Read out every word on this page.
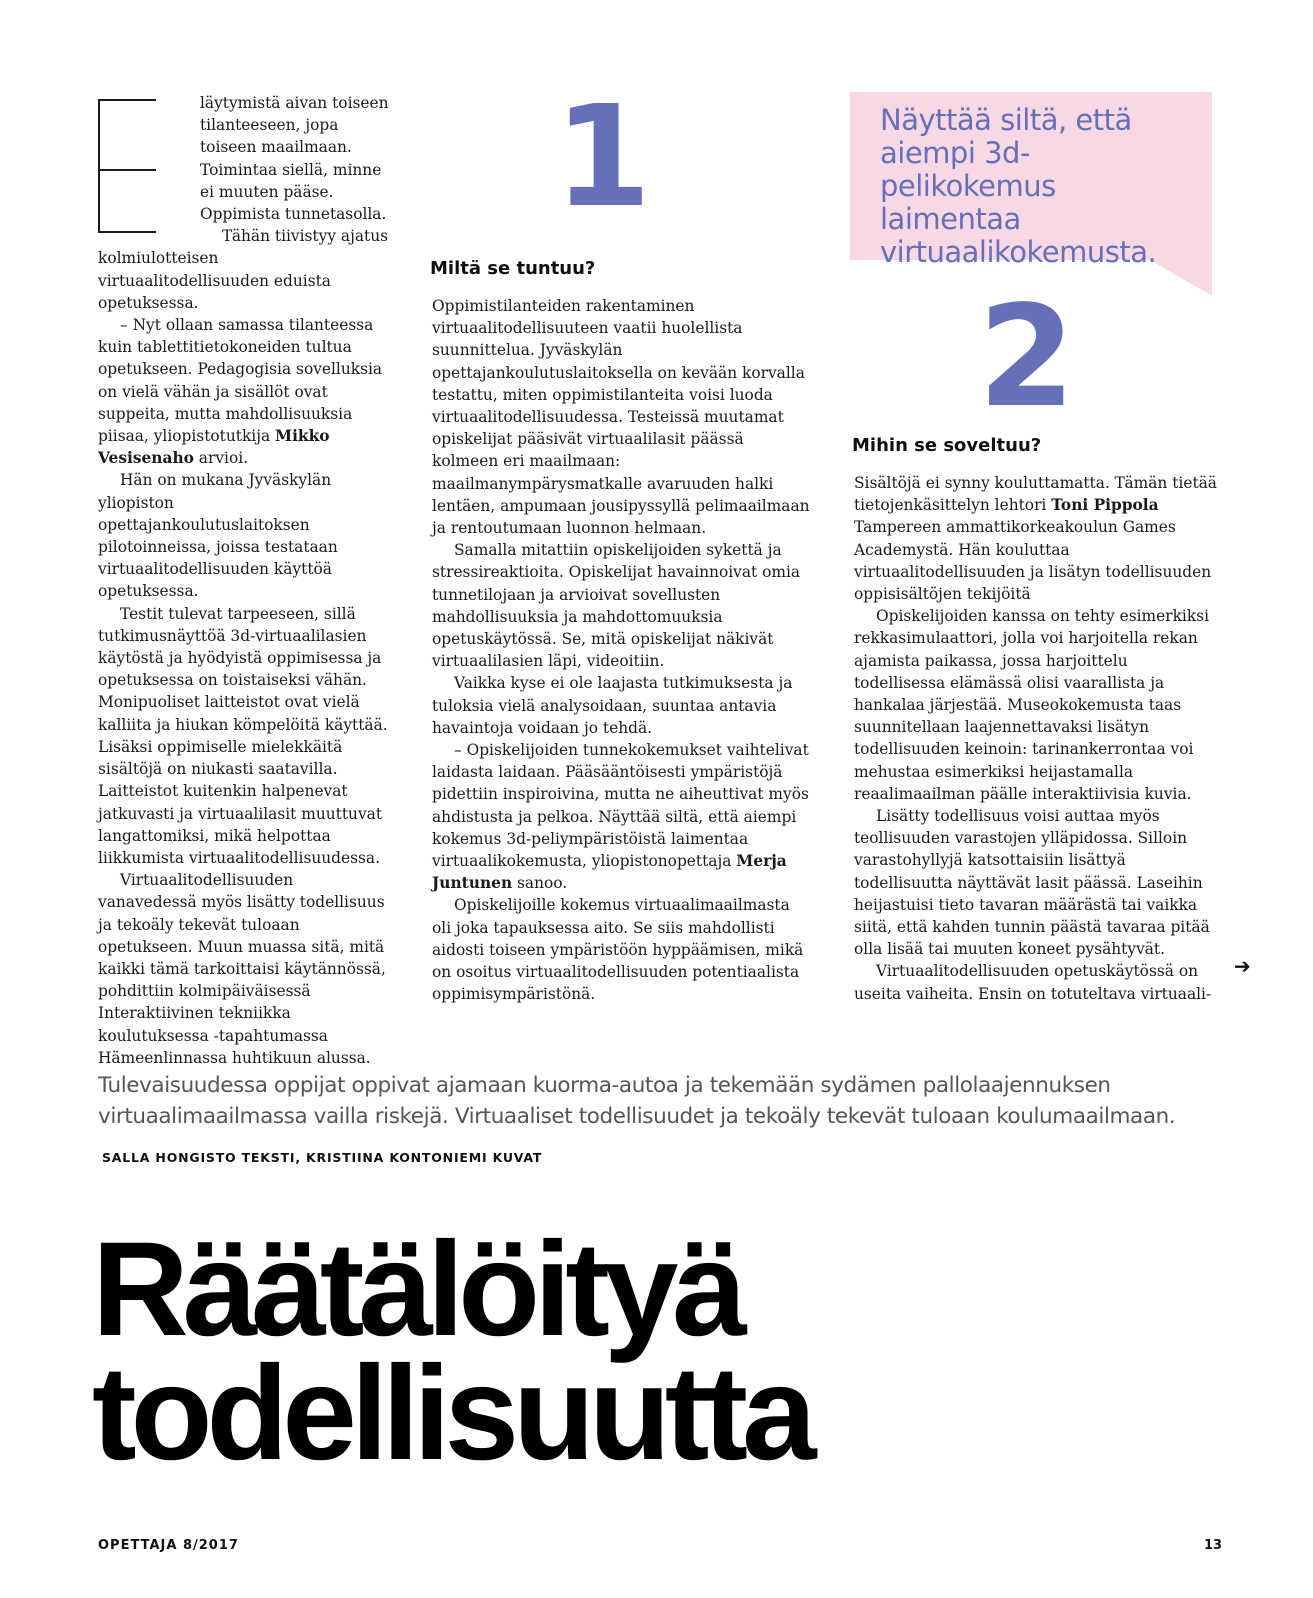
läytymistä aivan toiseen tilanteeseen, jopa toiseen maailmaan. Toimintaa siellä, minne ei muuten pääse. Oppimista tunnetasolla.

Tähän tiivistyy ajatus kolmiulotteisen virtuaalitodellisuuden eduista opetuksessa.

– Nyt ollaan samassa tilanteessa kuin tablettitietokoneiden tultua opetukseen. Pedagogisia sovelluksia on vielä vähän ja sisällöt ovat suppeita, mutta mahdollisuuksia piisaa, yliopistotutkija Mikko Vesisenaho arvioi.

Hän on mukana Jyväskylän yliopiston opettajankoulutuslaitoksen pilotoinneissa, joissa testataan virtuaalitodellisuuden käyttöä opetuksessa.

Testit tulevat tarpeeseen, sillä tutkimusnäyttöä 3d-virtuaalilasien käytöstä ja hyödyistä oppimisessa ja opetuksessa on toistaiseksi vähän. Monipuoliset laitteistot ovat vielä kalliita ja hiukan kömpelöitä käyttää. Lisäksi oppimiselle mielekkäitä sisältöjä on niukasti saatavilla. Laitteistot kuitenkin halpenevat jatkuvasti ja virtuaalilasit muuttuvat langattomiksi, mikä helpottaa liikkumista virtuaalitodellisuudessa.

Virtuaalitodellisuuden vanavedessä myös lisätty todellisuus ja tekoäly tekevät tuloaan opetukseen. Muun muassa sitä, mitä kaikki tämä tarkoittaisi käytännössä, pohdittiin kolmipäiväisessä Interaktiivinen tekniikka koulutuksessa -tapahtumassa Hämeenlinnassa huhtikuun alussa.

1
Miltä se tuntuu?

Oppimistilanteiden rakentaminen virtuaalitodellisuuteen vaatii huolellista suunnittelua. Jyväskylän opettajankoulutuslaitoksella on kevään korvalla testattu, miten oppimistilanteita voisi luoda virtuaalitodellisuudessa. Testeissä muutamat opiskelijat pääsivät virtuaalilasit päässä kolmeen eri maailmaan: maailmanympärysmatkalle avaruuden halki lentäen, ampumaan jousipyssyllä pelimaailmaan ja rentoutumaan luonnon helmaan.

Samalla mitattiin opiskelijoiden sykettä ja stressireaktioita. Opiskelijat havainnoivat omia tunnetilojaan ja arvioivat sovellusten mahdollisuuksia ja mahdottomuuksia opetuskäytössä. Se, mitä opiskelijat näkivät virtuaalilasien läpi, videoitiin.

Vaikka kyse ei ole laajasta tutkimuksesta ja tuloksia vielä analysoidaan, suuntaa antavia havaintoja voidaan jo tehdä.

– Opiskelijoiden tunnekokemukset vaihtelivat laidasta laidaan. Pääsääntöisesti ympäristöjä pidettiin inspiroivina, mutta ne aiheuttivat myös ahdistusta ja pelkoa. Näyttää siltä, että aiempi kokemus 3d-peliympäristöistä laimentaa virtuaalikokemusta, yliopistonopettaja Merja Juntunen sanoo.

Opiskelijoille kokemus virtuaalimaailmasta oli joka tapauksessa aito. Se siis mahdollisti aidosti toiseen ympäristöön hyppäämisen, mikä on osoitus virtuaalitodellisuuden potentiaalista oppimisympäristönä.

Näyttää siltä, että aiempi 3d-pelikokemus laimentaa virtuaalikokemusta.
2
Mihin se soveltuu?

Sisältöjä ei synny kouluttamatta. Tämän tietää tietojenkäsittelyn lehtori Toni Pippola Tampereen ammattikorkeakoulun Games Academystä. Hän kouluttaa virtuaalitodellisuuden ja lisätyn todellisuuden oppisisältöjen tekijöitä

Opiskelijoiden kanssa on tehty esimerkiksi rekkasimulaattori, jolla voi harjoitella rekan ajamista paikassa, jossa harjoittelu todellisessa elämässä olisi vaarallista ja hankalaa järjestää. Museokokemusta taas suunnitellaan laajennettavaksi lisätyn todellisuuden keinoin: tarinankerrontaa voi mehustaa esimerkiksi heijastamalla reaalimaailman päälle interaktiivisia kuvia.

Lisätty todellisuus voisi auttaa myös teollisuuden varastojen ylläpidossa. Silloin varastohyllyjä katsottaisiin lisättyä todellisuutta näyttävät lasit päässä. Laseihin heijastuisi tieto tavaran määrästä tai vaikka siitä, että kahden tunnin päästä tavaraa pitää olla lisää tai muuten koneet pysähtyvät.

Virtuaalitodellisuuden opetuskäytössä on useita vaiheita. Ensin on totuteltava virtuaali-

➔
Tulevaisuudessa oppijat oppivat ajamaan kuorma-autoa ja tekemään sydämen pallolaajennuksen virtuaalimaailmassa vailla riskejä. Virtuaaliset todellisuudet ja tekoäly tekevät tuloaan koulumaailmaan.
SALLA HONGISTO TEKSTI, KRISTIINA KONTONIEMI KUVAT
Räätälöityä
todellisuutta
OPETTAJA 8/2017	13
